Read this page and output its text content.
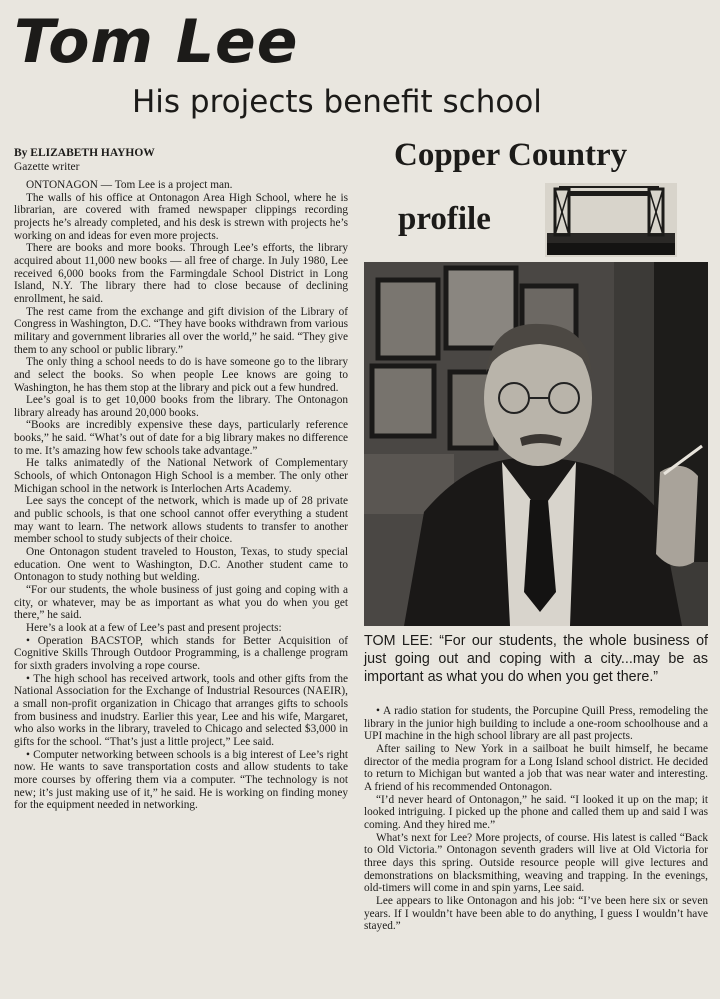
Tom Lee
His projects benefit school
By ELIZABETH HAYHOW
Gazette writer	Copper Country
profile

TOM LEE: “For our students, the whole business of just going out and coping with a city...may be as important as what you do when you get there.”

ONTONAGON — Tom Lee is a project man.

The walls of his office at Ontonagon Area High School, where he is librarian, are covered with framed newspaper clippings recording projects he’s already completed, and his desk is strewn with projects he’s working on and ideas for even more projects.

There are books and more books. Through Lee’s efforts, the library acquired about 11,000 new books — all free of charge. In July 1980, Lee received 6,000 books from the Farmingdale School District in Long Island, N.Y. The library there had to close because of declining enrollment, he said.

The rest came from the exchange and gift division of the Library of Congress in Washington, D.C. “They have books withdrawn from various military and government libraries all over the world,” he said. “They give them to any school or public library.”

The only thing a school needs to do is have someone go to the library and select the books. So when people Lee knows are going to Washington, he has them stop at the library and pick out a few hundred.

Lee’s goal is to get 10,000 books from the library. The Ontonagon library already has around 20,000 books.

“Books are incredibly expensive these days, particularly reference books,” he said. “What’s out of date for a big library makes no difference to me. It’s amazing how few schools take advantage.”

He talks animatedly of the National Network of Complementary Schools, of which Ontonagon High School is a member. The only other Michigan school in the network is Interlochen Arts Academy.

Lee says the concept of the network, which is made up of 28 private and public schools, is that one school cannot offer everything a student may want to learn. The network allows students to transfer to another member school to study subjects of their choice.

One Ontonagon student traveled to Houston, Texas, to study special education. One went to Washington, D.C. Another student came to Ontonagon to study nothing but welding.

“For our students, the whole business of just going and coping with a city, or whatever, may be as important as what you do when you get there,” he said.

Here’s a look at a few of Lee’s past and present projects:

• Operation BACSTOP, which stands for Better Acquisition of Cognitive Skills Through Outdoor Programming, is a challenge program for sixth graders involving a rope course.

• The high school has received artwork, tools and other gifts from the National Association for the Exchange of Industrial Resources (NAEIR), a small non-profit organization in Chicago that arranges gifts to schools from business and inudstry. Earlier this year, Lee and his wife, Margaret, who also works in the library, traveled to Chicago and selected $3,000 in gifts for the school. “That’s just a little project,” Lee said.

• Computer networking between schools is a big interest of Lee’s right now. He wants to save transportation costs and allow students to take more courses by offering them via a computer. “The technology is not new; it’s just making use of it,” he said. He is working on finding money for the equipment needed in networking.

• A radio station for students, the Porcupine Quill Press, remodeling the library in the junior high building to include a one-room schoolhouse and a UPI machine in the high school library are all past projects.

After sailing to New York in a sailboat he built himself, he became director of the media program for a Long Island school district. He decided to return to Michigan but wanted a job that was near water and interesting. A friend of his recommended Ontonagon.

“I’d never heard of Ontonagon,” he said. “I looked it up on the map; it looked intriguing. I picked up the phone and called them up and said I was coming. And they hired me.”

What’s next for Lee? More projects, of course. His latest is called “Back to Old Victoria.” Ontonagon seventh graders will live at Old Victoria for three days this spring. Outside resource people will give lectures and demonstrations on blacksmithing, weaving and trapping. In the evenings, old-timers will come in and spin yarns, Lee said.

Lee appears to like Ontonagon and his job: “I’ve been here six or seven years. If I wouldn’t have been able to do anything, I guess I wouldn’t have stayed.”
